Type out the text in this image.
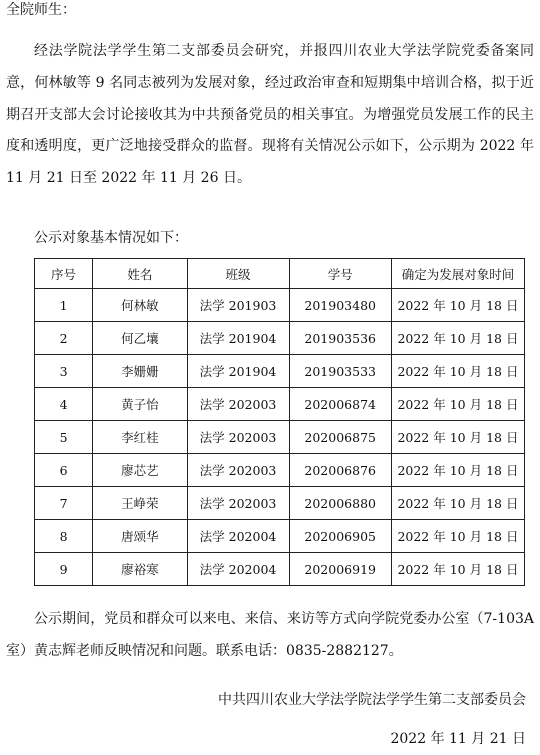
全院师生：

经法学院法学学生第二支部委员会研究，并报四川农业大学法学院党委备案同意，何林敏等 9 名同志被列为发展对象，经过政治审查和短期集中培训合格，拟于近期召开支部大会讨论接收其为中共预备党员的相关事宜。为增强党员发展工作的民主度和透明度，更广泛地接受群众的监督。现将有关情况公示如下，公示期为 2022 年 11 月 21 日至 2022 年 11 月 26 日。

公示对象基本情况如下：
序号	姓名	班级	学号	确定为发展对象时间
1	何林敏	法学 201903	201903480	2022 年 10 月 18 日
2	何乙壤	法学 201904	201903536	2022 年 10 月 18 日
3	李姗姗	法学 201904	201903533	2022 年 10 月 18 日
4	黄子怡	法学 202003	202006874	2022 年 10 月 18 日
5	李红桂	法学 202003	202006875	2022 年 10 月 18 日
6	廖芯艺	法学 202003	202006876	2022 年 10 月 18 日
7	王峥荣	法学 202003	202006880	2022 年 10 月 18 日
8	唐颂华	法学 202004	202006905	2022 年 10 月 18 日
9	廖裕寒	法学 202004	202006919	2022 年 10 月 18 日

公示期间，党员和群众可以来电、来信、来访等方式向学院党委办公室（7-103A 室）黄志辉老师反映情况和问题。联系电话：0835-2882127。

中共四川农业大学法学院法学学生第二支部委员会
2022 年 11 月 21 日
